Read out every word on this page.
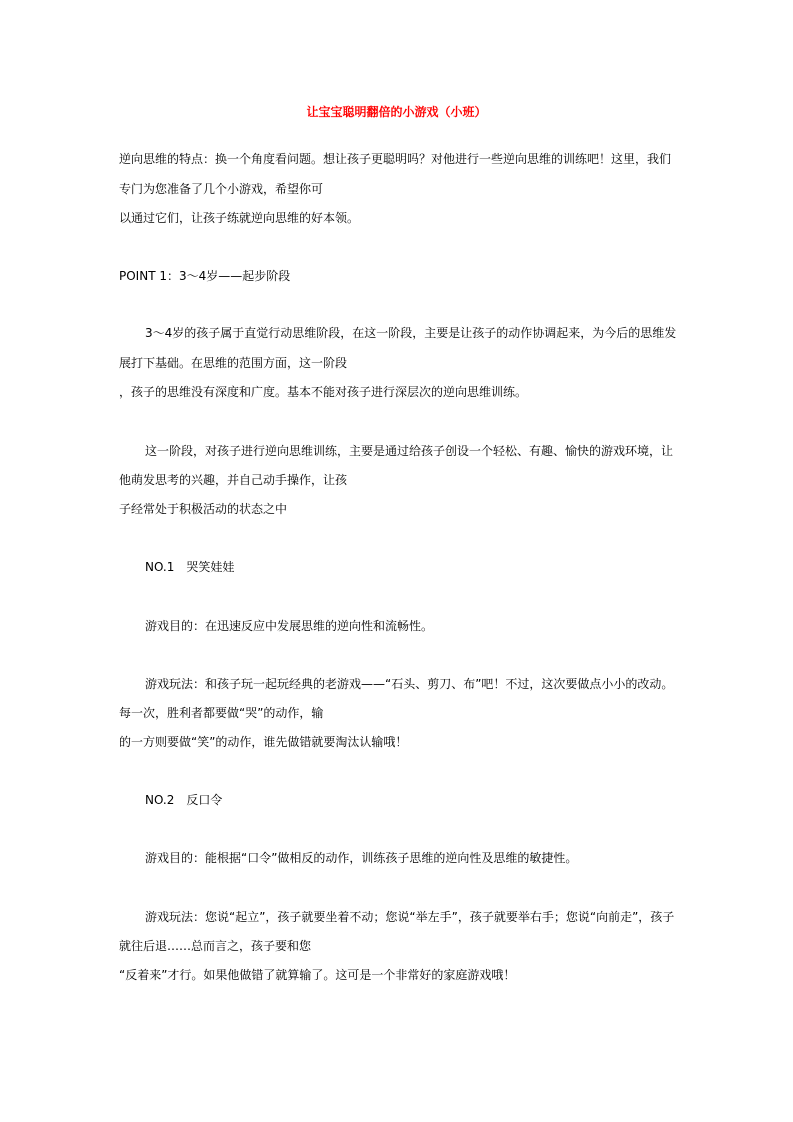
让宝宝聪明翻倍的小游戏（小班）
逆向思维的特点：换一个角度看问题。想让孩子更聪明吗？对他进行一些逆向思维的训练吧！这里，我们
专门为您准备了几个小游戏，希望你可
以通过它们，让孩子练就逆向思维的好本领。
POINT 1：3～4岁——起步阶段
3～4岁的孩子属于直觉行动思维阶段，在这一阶段，主要是让孩子的动作协调起来，为今后的思维发
展打下基础。在思维的范围方面，这一阶段
，孩子的思维没有深度和广度。基本不能对孩子进行深层次的逆向思维训练。
这一阶段，对孩子进行逆向思维训练，主要是通过给孩子创设一个轻松、有趣、愉快的游戏环境，让
他萌发思考的兴趣，并自己动手操作，让孩
子经常处于积极活动的状态之中
NO.1　哭笑娃娃
游戏目的：在迅速反应中发展思维的逆向性和流畅性。
游戏玩法：和孩子玩一起玩经典的老游戏——“石头、剪刀、布”吧！不过，这次要做点小小的改动。
每一次，胜利者都要做“哭”的动作，输
的一方则要做“笑”的动作，谁先做错就要淘汰认输哦！
NO.2　反口令
游戏目的：能根据“口令”做相反的动作，训练孩子思维的逆向性及思维的敏捷性。
游戏玩法：您说“起立”，孩子就要坐着不动；您说“举左手”，孩子就要举右手；您说“向前走”，孩子
就往后退……总而言之，孩子要和您
“反着来”才行。如果他做错了就算输了。这可是一个非常好的家庭游戏哦！
